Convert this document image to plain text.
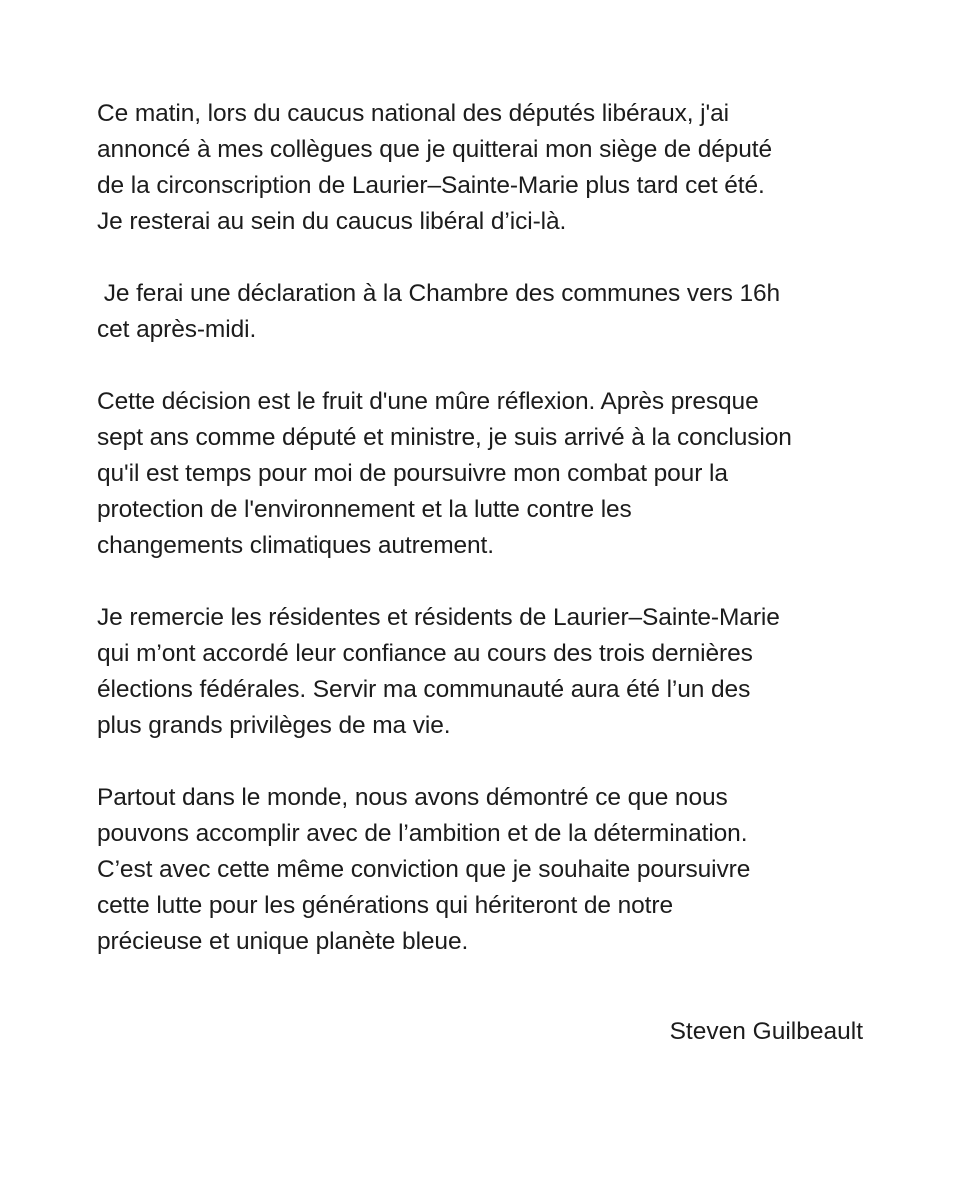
Ce matin, lors du caucus national des députés libéraux, j'ai
annoncé à mes collègues que je quitterai mon siège de député
de la circonscription de Laurier–Sainte-Marie plus tard cet été.
Je resterai au sein du caucus libéral d’ici-là.

Je ferai une déclaration à la Chambre des communes vers 16h
cet après-midi.

Cette décision est le fruit d'une mûre réflexion. Après presque
sept ans comme député et ministre, je suis arrivé à la conclusion
qu'il est temps pour moi de poursuivre mon combat pour la
protection de l'environnement et la lutte contre les
changements climatiques autrement.

Je remercie les résidentes et résidents de Laurier–Sainte-Marie
qui m’ont accordé leur confiance au cours des trois dernières
élections fédérales. Servir ma communauté aura été l’un des
plus grands privilèges de ma vie.

Partout dans le monde, nous avons démontré ce que nous
pouvons accomplir avec de l’ambition et de la détermination.
C’est avec cette même conviction que je souhaite poursuivre
cette lutte pour les générations qui hériteront de notre
précieuse et unique planète bleue.

Steven Guilbeault
